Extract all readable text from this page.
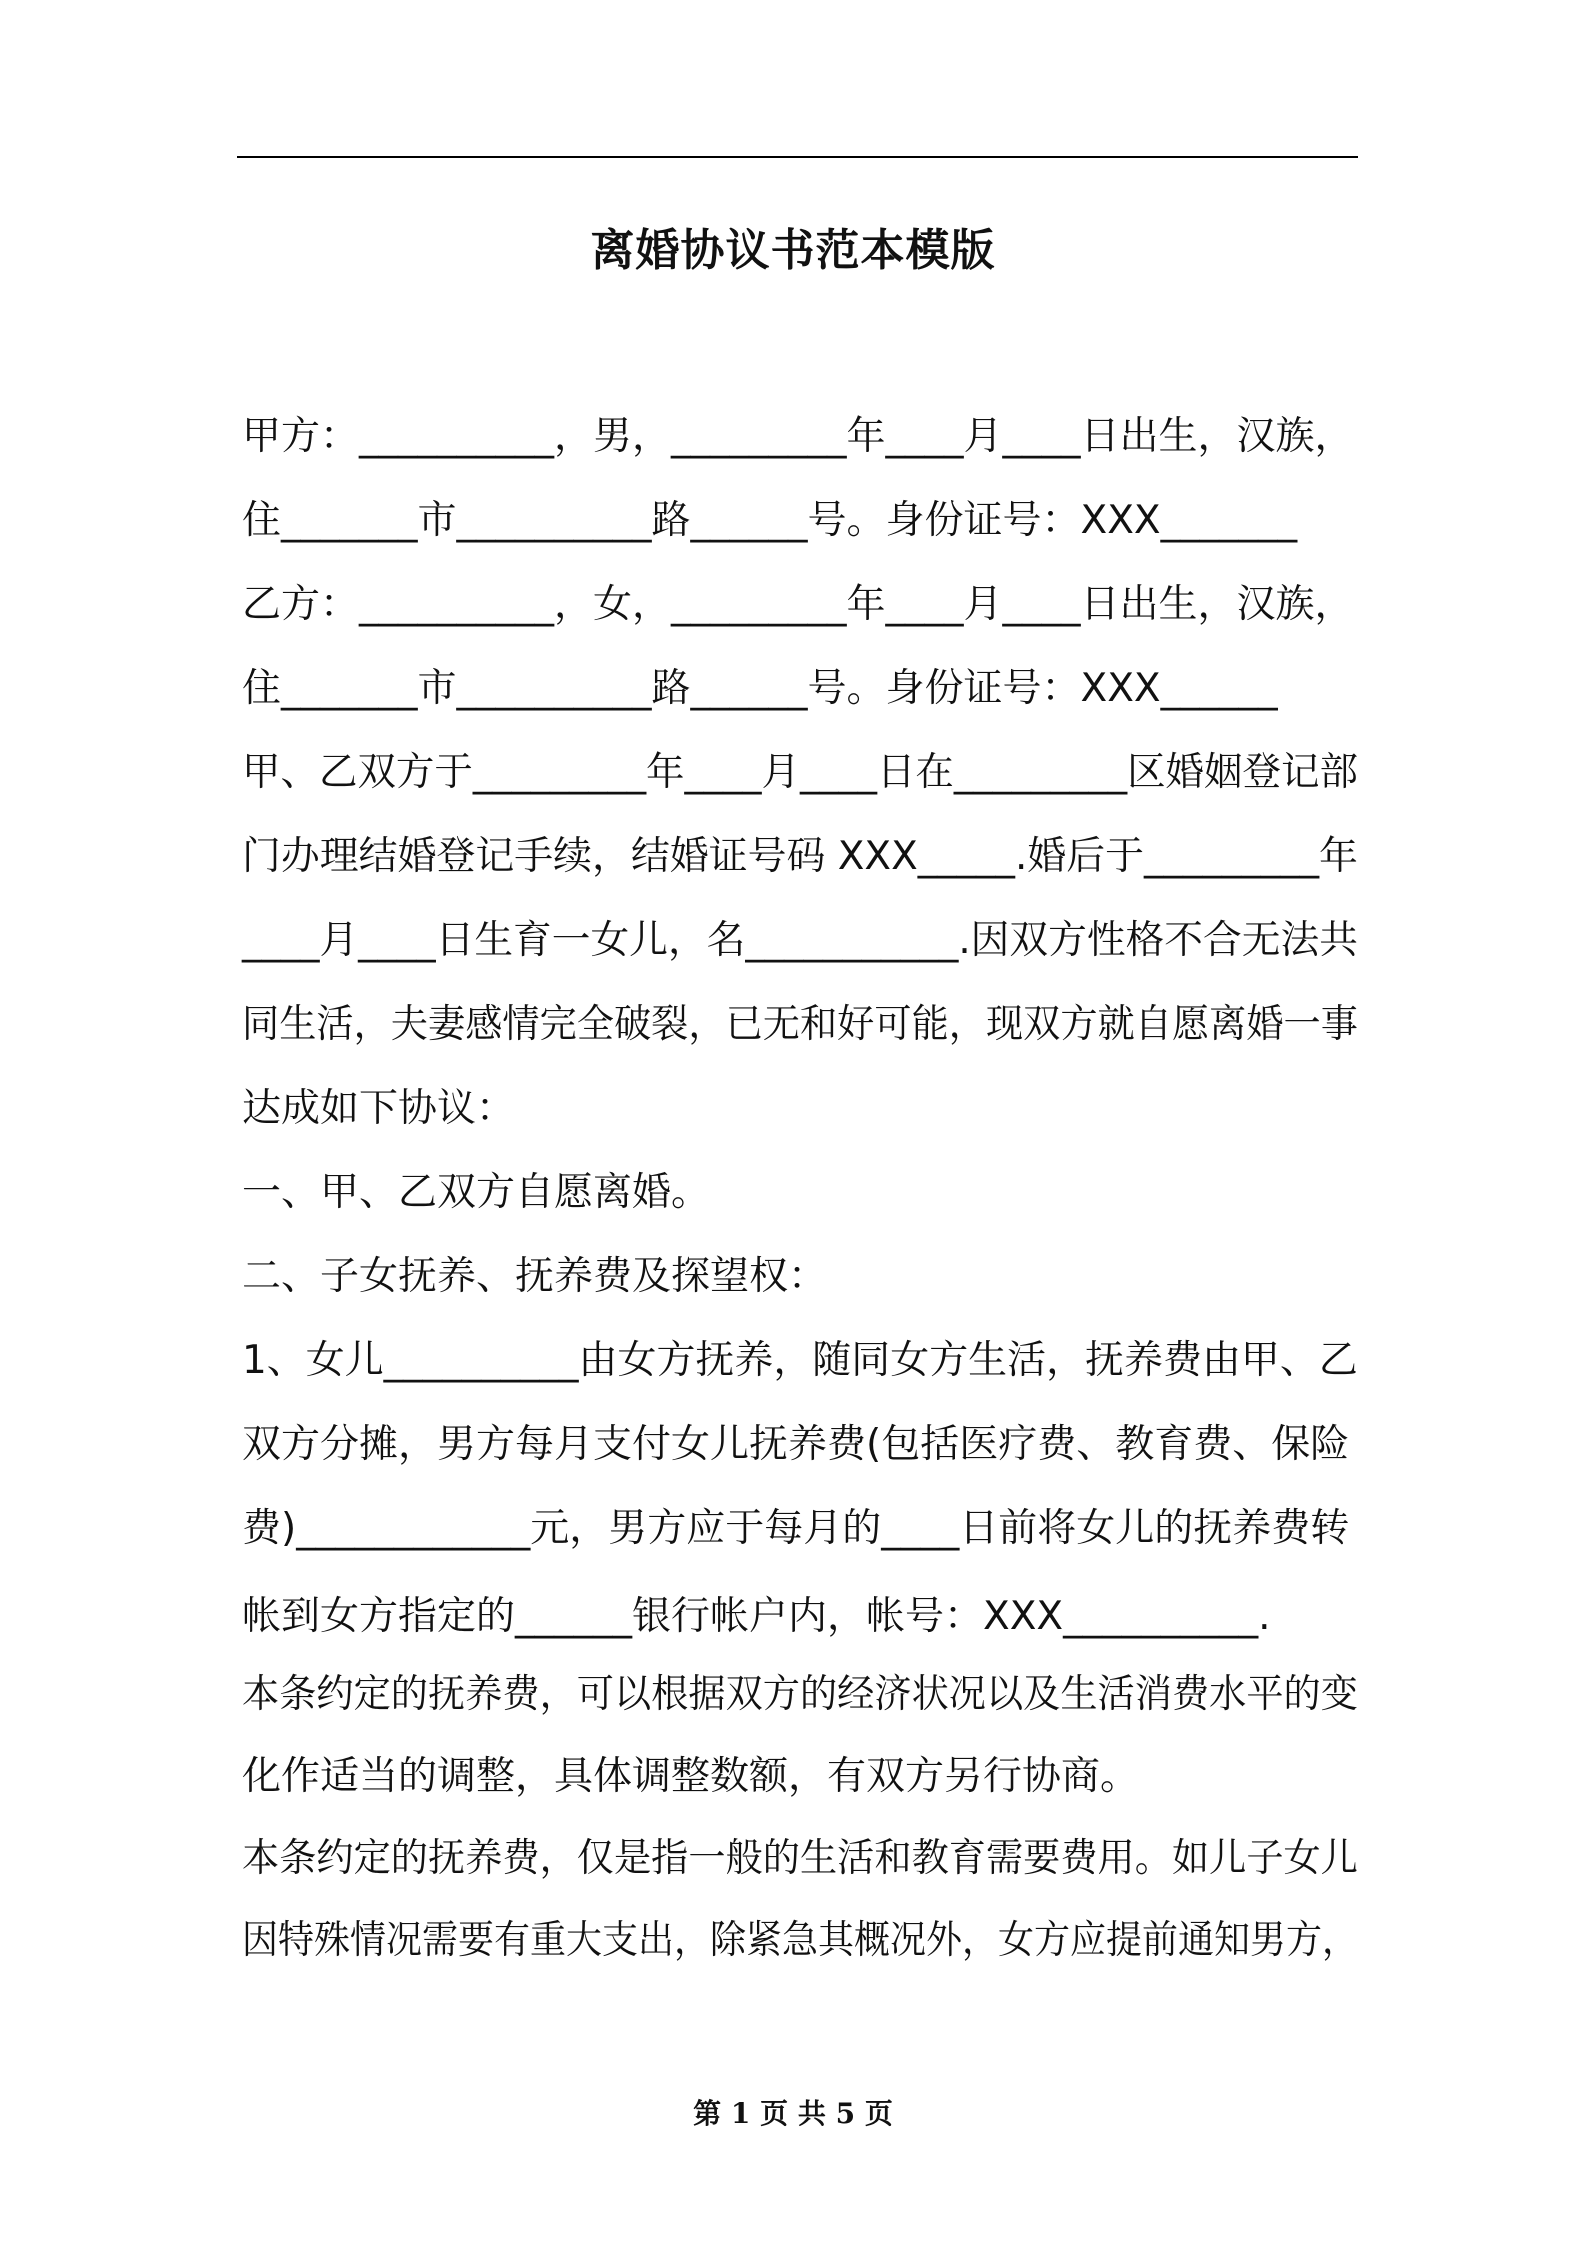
离婚协议书范本模版
甲方：__________，男，_________年____月____日出生，汉族，
住_______市__________路______号。身份证号：XXX_______
乙方：__________，女，_________年____月____日出生，汉族，
住_______市__________路______号。身份证号：XXX______
甲、乙双方于_________年____月____日在_________区婚姻登记部
门办理结婚登记手续，结婚证号码 XXX_____.婚后于_________年
____月____日生育一女儿，名___________.因双方性格不合无法共
同生活，夫妻感情完全破裂，已无和好可能，现双方就自愿离婚一事
达成如下协议：
一、甲、乙双方自愿离婚。
二、子女抚养、抚养费及探望权：
1、女儿__________由女方抚养，随同女方生活，抚养费由甲、乙
双方分摊，男方每月支付女儿抚养费(包括医疗费、教育费、保险
费)____________元，男方应于每月的____日前将女儿的抚养费转
帐到女方指定的______银行帐户内，帐号：XXX__________.
本条约定的抚养费，可以根据双方的经济状况以及生活消费水平的变
化作适当的调整，具体调整数额，有双方另行协商。
本条约定的抚养费，仅是指一般的生活和教育需要费用。如儿子女儿
因特殊情况需要有重大支出，除紧急其概况外，女方应提前通知男方，
第 1 页 共 5 页
